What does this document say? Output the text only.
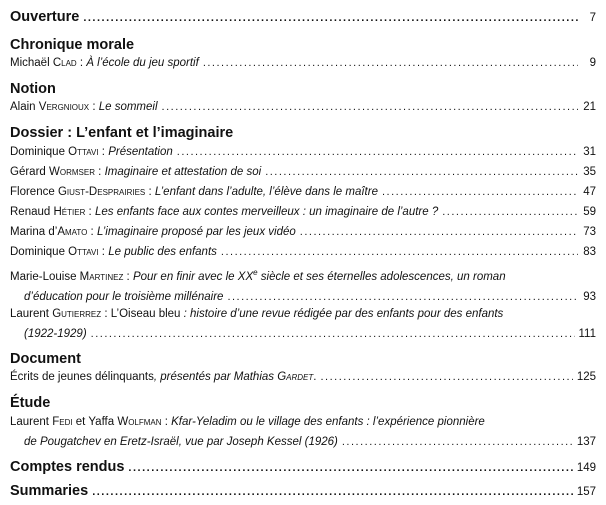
Ouverture .....	7
Chronique morale
Michaël Clad : À l’école du jeu sportif .....	9
Notion
Alain Vergnioux : Le sommeil .....	21
Dossier : L’enfant et l’imaginaire
Dominique Ottavi : Présentation .....	31
Gérard Wormser : Imaginaire et attestation de soi .....	35
Florence Giust-Desprairies : L’enfant dans l’adulte, l’élève dans le maître .....	47
Renaud Hétier : Les enfants face aux contes merveilleux : un imaginaire de l’autre ? .....	59
Marina d’Amato : L’imaginaire proposé par les jeux vidéo .....	73
Dominique Ottavi : Le public des enfants .....	83
Marie-Louise Martinez : Pour en finir avec le XXe siècle et ses éternelles adolescences, un roman
d’éducation pour le troisième millénaire .....	93
Laurent Gutierrez : L’Oiseau bleu : histoire d’une revue rédigée par des enfants pour des enfants
(1922-1929) .....	111
Document
Écrits de jeunes délinquants, présentés par Mathias Gardet. .....	125
Étude
Laurent Fedi et Yaffa Wolfman : Kfar-Yeladim ou le village des enfants : l’expérience pionnière
de Pougatchev en Eretz-Israël, vue par Joseph Kessel (1926) .....	137
Comptes rendus .....	149
Summaries .....	157
